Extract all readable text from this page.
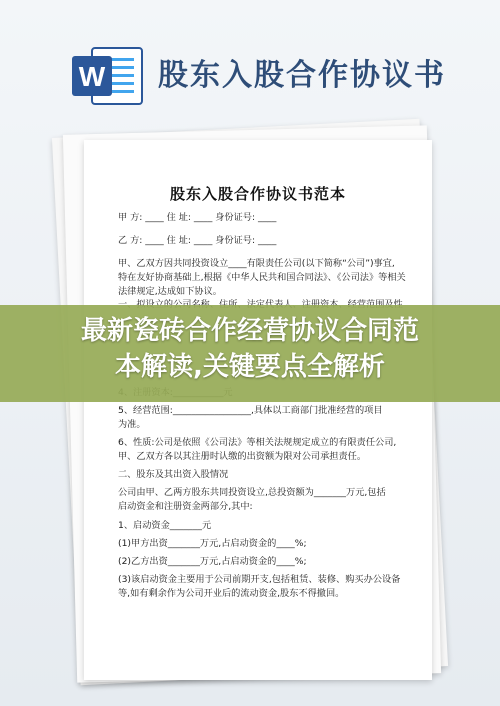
W 股东入股合作协议书
股东入股合作协议书范本
甲 方: ____ 住 址: ____ 身份证号: ____
乙 方: ____ 住 址: ____ 身份证号: ____
甲、乙双方因共同投资设立____有限责任公司(以下简称“公司”)事宜,
特在友好协商基础上,根据《中华人民共和国合同法》、《公司法》等相关
法律规定,达成如下协议。
5、经营范围:_________________,具体以工商部门批准经营的项目
为准。
6、性质:公司是依照《公司法》等相关法规规定成立的有限责任公司,
甲、乙双方各以其注册时认缴的出资额为限对公司承担责任。
二、股东及其出资入股情况
公司由甲、乙两方股东共同投资设立,总投资额为_______万元,包括
启动资金和注册资金两部分,其中:
1、启动资金_______元
(1)甲方出资_______万元,占启动资金的____%;
(2)乙方出资_______万元,占启动资金的____%;
(3)该启动资金主要用于公司前期开支,包括租赁、装修、购买办公设备
等,如有剩余作为公司开业后的流动资金,股东不得撤回。
最新瓷砖合作经营协议合同范
本解读,关键要点全解析
